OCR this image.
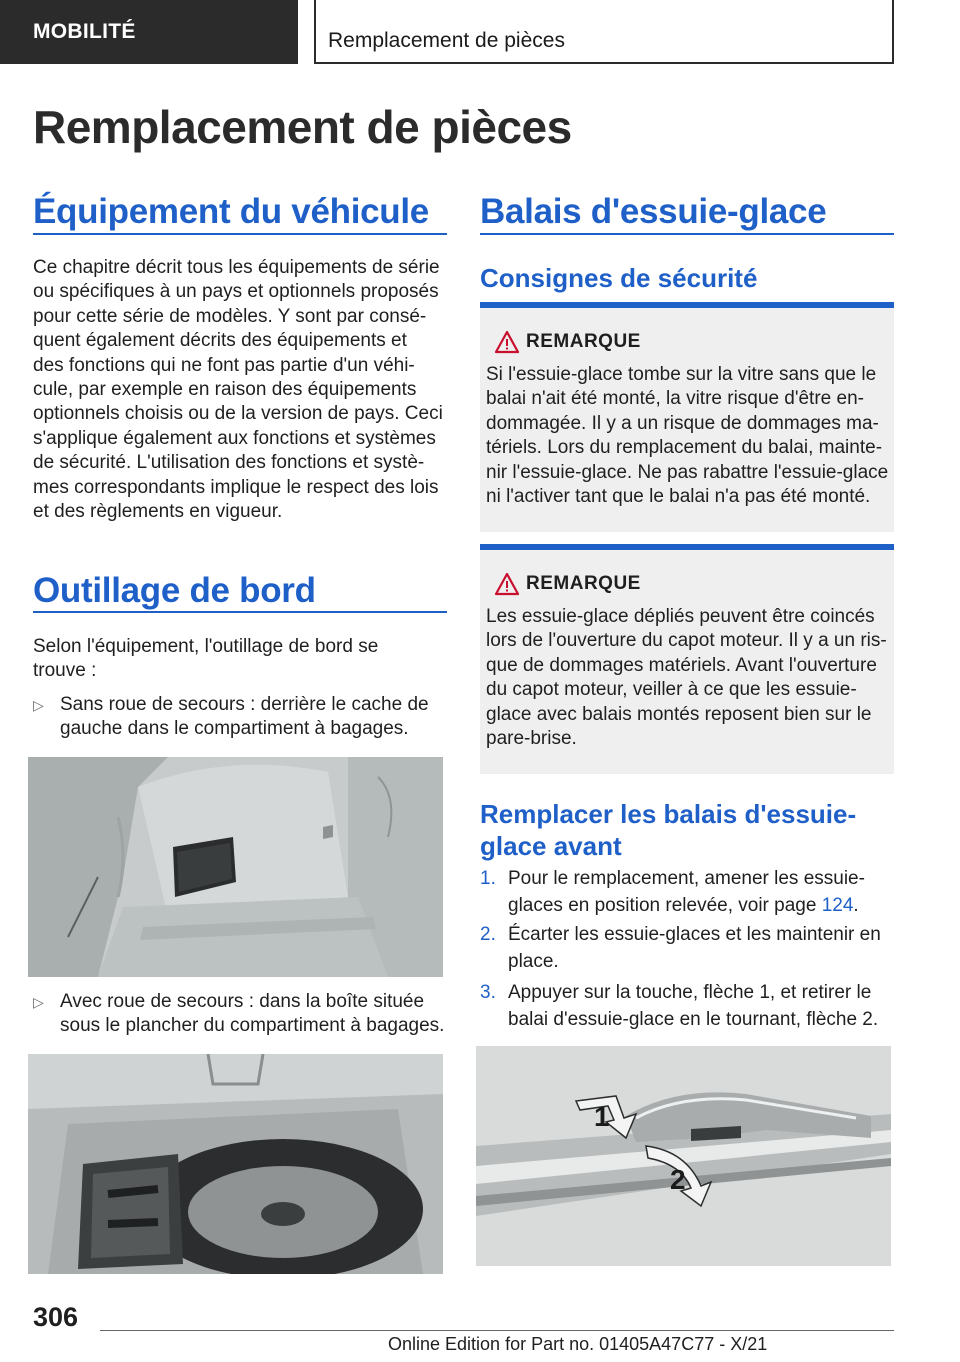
MOBILITÉ	Remplacement de pièces
Remplacement de pièces
Équipement du véhicule
Ce chapitre décrit tous les équipements de série
ou spécifiques à un pays et optionnels proposés
pour cette série de modèles. Y sont par consé‐
quent également décrits des équipements et
des fonctions qui ne font pas partie d'un véhi‐
cule, par exemple en raison des équipements
optionnels choisis ou de la version de pays. Ceci
s'applique également aux fonctions et systèmes
de sécurité. L'utilisation des fonctions et systè‐
mes correspondants implique le respect des lois
et des règlements en vigueur.
Outillage de bord
Selon l'équipement, l'outillage de bord se
trouve :
▷ Sans roue de secours : derrière le cache de
gauche dans le compartiment à bagages.
▷ Avec roue de secours : dans la boîte située
sous le plancher du compartiment à bagages.
Balais d'essuie-glace
Consignes de sécurité
REMARQUE
Si l'essuie-glace tombe sur la vitre sans que le
balai n'ait été monté, la vitre risque d'être en‐
dommagée. Il y a un risque de dommages ma‐
tériels. Lors du remplacement du balai, mainte‐
nir l'essuie-glace. Ne pas rabattre l'essuie-glace
ni l'activer tant que le balai n'a pas été monté.
REMARQUE
Les essuie-glace dépliés peuvent être coincés
lors de l'ouverture du capot moteur. Il y a un ris‐
que de dommages matériels. Avant l'ouverture
du capot moteur, veiller à ce que les essuie-
glace avec balais montés reposent bien sur le
pare-brise.
Remplacer les balais d'essuie-
glace avant
1. Pour le remplacement, amener les essuie-
glaces en position relevée, voir page 124.
2. Écarter les essuie-glaces et les maintenir en
place.
3. Appuyer sur la touche, flèche 1, et retirer le
balai d'essuie-glace en le tournant, flèche 2.
1
2
306
Online Edition for Part no. 01405A47C77 - X/21
